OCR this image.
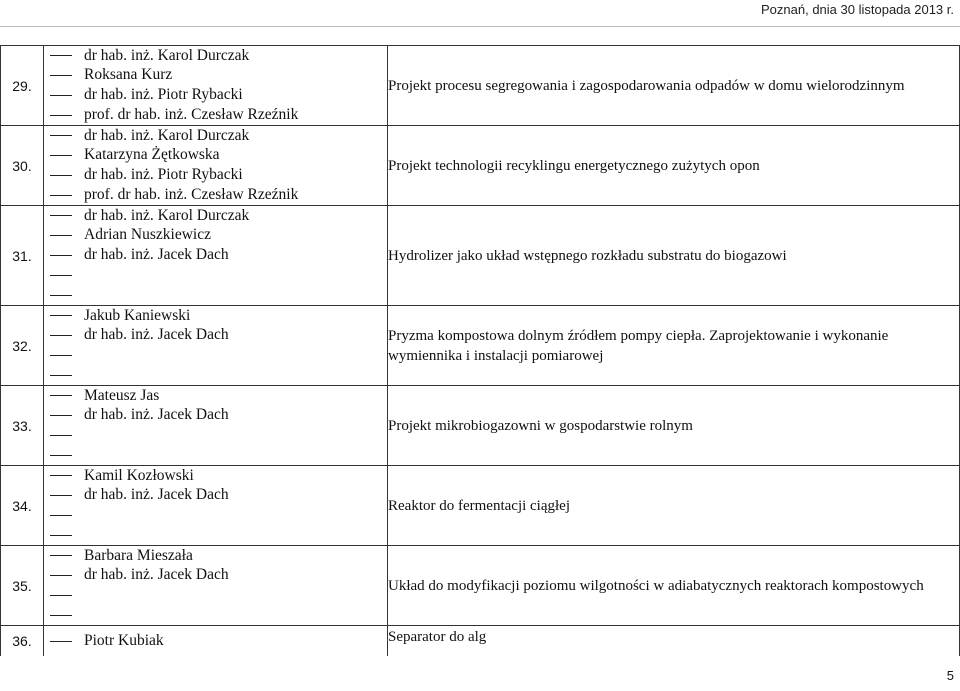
Poznań, dnia 30 listopada 2013 r.
29.	dr hab. inż. Karol Durczak
Roksana Kurz
dr hab. inż. Piotr Rybacki
prof. dr hab. inż. Czesław Rzeźnik	Projekt procesu segregowania i zagospodarowania odpadów w domu wielorodzinnym
30.	dr hab. inż. Karol Durczak
Katarzyna Żętkowska
dr hab. inż. Piotr Rybacki
prof. dr hab. inż. Czesław Rzeźnik	Projekt technologii recyklingu energetycznego zużytych opon
31.	dr hab. inż. Karol Durczak
Adrian Nuszkiewicz
dr hab. inż. Jacek Dach	Hydrolizer jako układ wstępnego rozkładu substratu do biogazowi
32.	Jakub Kaniewski
dr hab. inż. Jacek Dach	Pryzma kompostowa dolnym źródłem pompy ciepła. Zaprojektowanie i wykonanie wymiennika i instalacji pomiarowej
33.	Mateusz Jas
dr hab. inż. Jacek Dach	Projekt mikrobiogazowni w gospodarstwie rolnym
34.	Kamil Kozłowski
dr hab. inż. Jacek Dach	Reaktor do fermentacji ciągłej
35.	Barbara Mieszała
dr hab. inż. Jacek Dach	Układ do modyfikacji poziomu wilgotności w adiabatycznych reaktorach kompostowych
36.	Piotr Kubiak	Separator do alg
5
